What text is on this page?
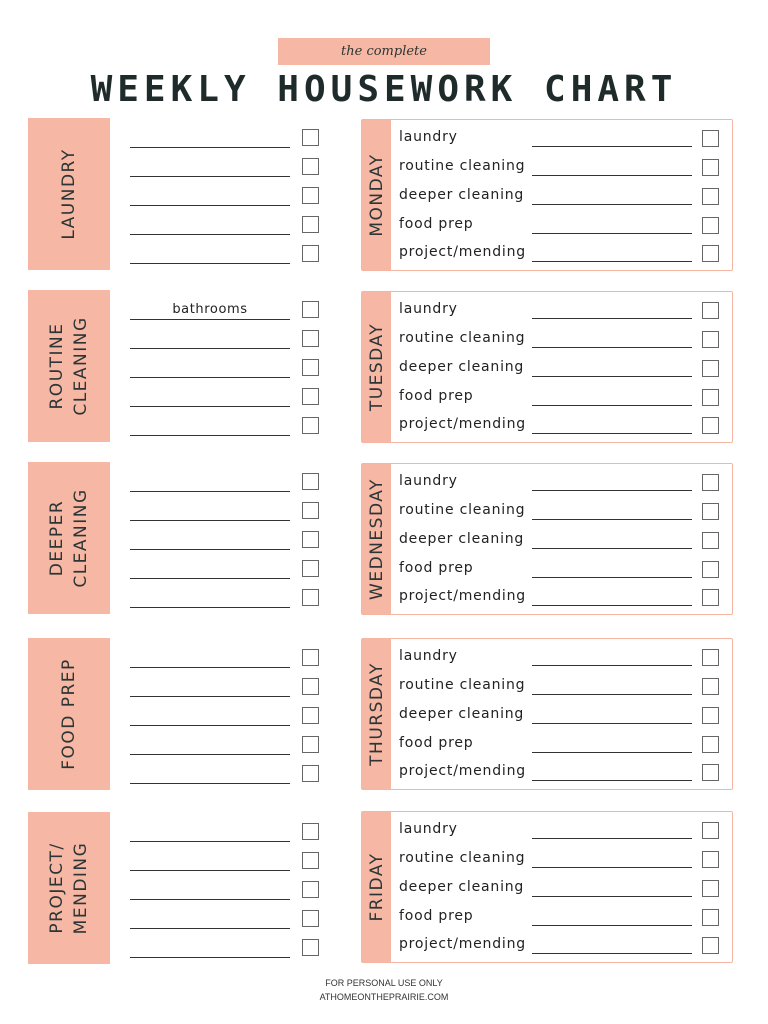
the complete
WEEKLY HOUSEWORK CHART
LAUNDRY
ROUTINE
CLEANING
bathrooms
DEEPER
CLEANING
FOOD PREP
PROJECT/
MENDING
MONDAY
laundry
routine cleaning
deeper cleaning
food prep
project/mending
TUESDAY
laundry
routine cleaning
deeper cleaning
food prep
project/mending
WEDNESDAY laundry
routine cleaning
deeper cleaning
food prep
project/mending
THURSDAY
laundry
routine cleaning
deeper cleaning
food prep
project/mending
FRIDAY
laundry
routine cleaning
deeper cleaning
food prep
project/mending
FOR PERSONAL USE ONLY
ATHOMEONTHEPRAIRIE.COM
